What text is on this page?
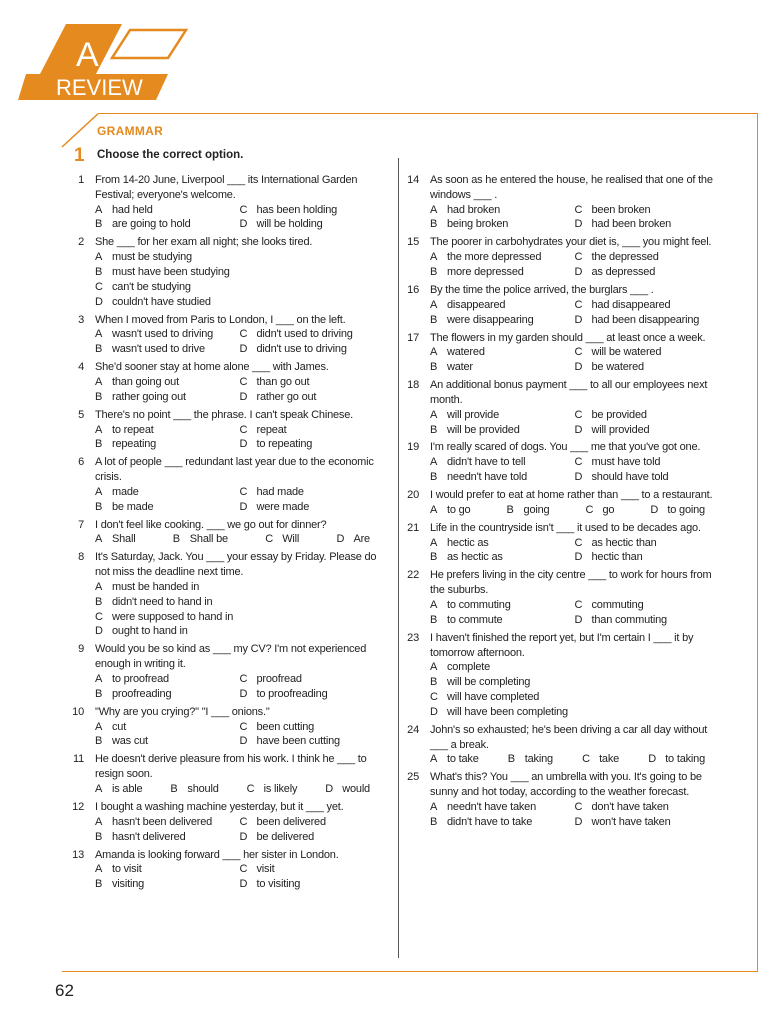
A
REVIEW
GRAMMAR
1 Choose the correct option.
1 From 14-20 June, Liverpool ___ its International Garden Festival; everyone's welcome.
A had held	C has been holding
B are going to hold	D will be holding
2 She ___ for her exam all night; she looks tired.
A must be studying
B must have been studying
C can't be studying
D couldn't have studied
3 When I moved from Paris to London, I ___ on the left.
A wasn't used to driving C didn't used to driving
B wasn't used to drive	D didn't use to driving
4 She'd sooner stay at home alone ___ with James.
A than going out	C than go out
B rather going out	D rather go out
5 There's no point ___ the phrase. I can't speak Chinese.
A to repeat	C repeat
B repeating	D to repeating
6 A lot of people ___ redundant last year due to the economic crisis.
A made	C had made
B be made	D were made
7 I don't feel like cooking. ___ we go out for dinner?
A Shall	B Shall be	C Will	D Are
8 It's Saturday, Jack. You ___ your essay by Friday. Please do not miss the deadline next time.
A must be handed in
B didn't need to hand in
C were supposed to hand in
D ought to hand in
9 Would you be so kind as ___ my CV? I'm not experienced enough in writing it.
A to proofread	C proofread
B proofreading	D to proofreading
10 "Why are you crying?" "I ___ onions."
A cut	C been cutting
B was cut	D have been cutting
11 He doesn't derive pleasure from his work. I think he ___ to resign soon.
A is able	B should	C is likely	D would
12 I bought a washing machine yesterday, but it ___ yet.
A hasn't been delivered C been delivered
B hasn't delivered	D be delivered
13 Amanda is looking forward ___ her sister in London.
A to visit	C visit
B visiting	D to visiting
14 As soon as he entered the house, he realised that one of the windows ___ .
A had broken	C been broken
B being broken	D had been broken
15 The poorer in carbohydrates your diet is, ___ you might feel.
A the more depressed	C the depressed
B more depressed	D as depressed
16 By the time the police arrived, the burglars ___ .
A disappeared	C had disappeared
B were disappearing	D had been disappearing
17 The flowers in my garden should ___ at least once a week.
A watered	C will be watered
B water	D be watered
18 An additional bonus payment ___ to all our employees next month.
A will provide	C be provided
B will be provided	D will provided
19 I'm really scared of dogs. You ___ me that you've got one.
A didn't have to tell	C must have told
B needn't have told	D should have told
20 I would prefer to eat at home rather than ___ to a restaurant.
A to go	B going	C go	D to going
21 Life in the countryside isn't ___ it used to be decades ago.
A hectic as	C as hectic than
B as hectic as	D hectic than
22 He prefers living in the city centre ___ to work for hours from the suburbs.
A to commuting	C commuting
B to commute	D than commuting
23 I haven't finished the report yet, but I'm certain I ___ it by tomorrow afternoon.
A complete
B will be completing
C will have completed
D will have been completing
24 John's so exhausted; he's been driving a car all day without ___ a break.
A to take	B taking	C take	D to taking
25 What's this? You ___ an umbrella with you. It's going to be sunny and hot today, according to the weather forecast.
A needn't have taken	C don't have taken
B didn't have to take	D won't have taken
62
